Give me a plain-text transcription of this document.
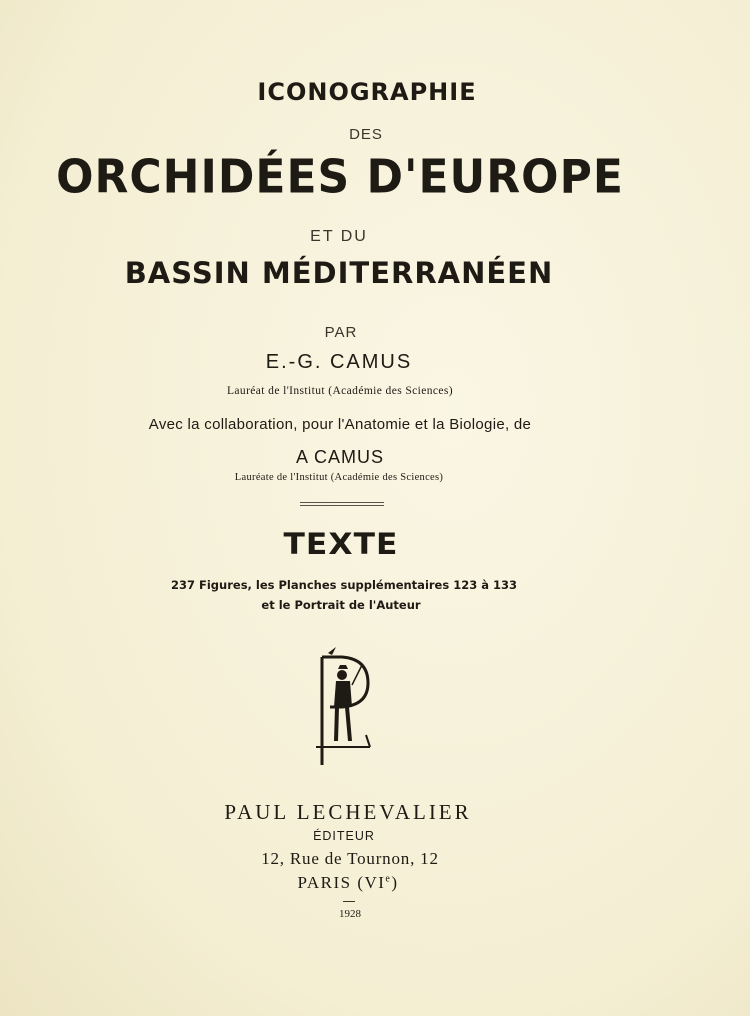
ICONOGRAPHIE
DES
ORCHIDÉES D'EUROPE
ET DU
BASSIN MÉDITERRANÉEN
PAR
E.-G. CAMUS
Lauréat de l'Institut (Académie des Sciences)
Avec la collaboration, pour l'Anatomie et la Biologie, de
A CAMUS
Lauréate de l'Institut (Académie des Sciences)
TEXTE
237 Figures, les Planches supplémentaires 123 à 133
et le Portrait de l'Auteur
PAUL LECHEVALIER
ÉDITEUR
12, Rue de Tournon, 12
PARIS (VIe)
1928
